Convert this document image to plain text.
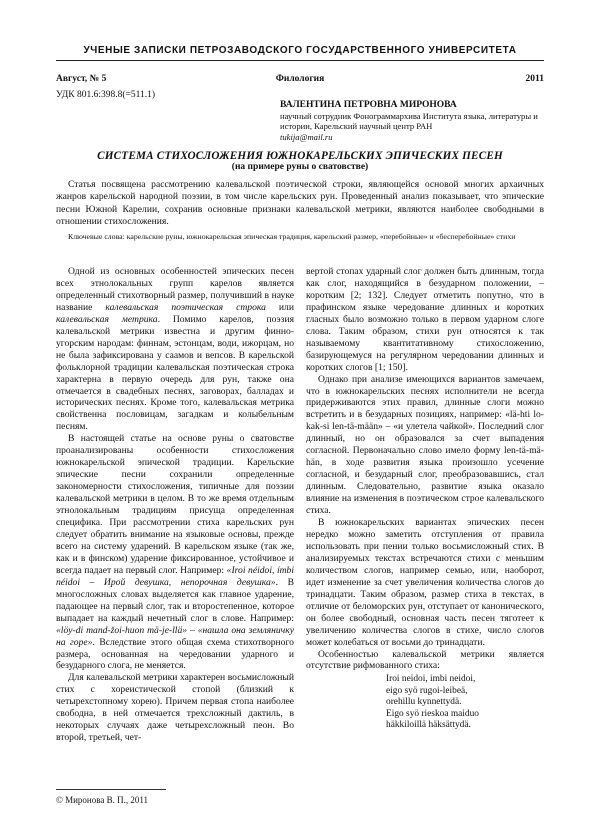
УЧЕНЫЕ ЗАПИСКИ ПЕТРОЗАВОДСКОГО ГОСУДАРСТВЕННОГО УНИВЕРСИТЕТА
Филология
Август, № 5	2011
УДК 801.6:398.8(=511.1)
ВАЛЕНТИНА ПЕТРОВНА МИРОНОВА
научный сотрудник Фонограммархива Института языка, литературы и истории, Карельский научный центр РАН
tukija@mail.ru
СИСТЕМА СТИХОСЛОЖЕНИЯ ЮЖНОКАРЕЛЬСКИХ ЭПИЧЕСКИХ ПЕСЕН
(на примере руны о сватовстве)

Статья посвящена рассмотрению калевальской поэтической строки, являющейся основой многих архаичных жанров карельской народной поэзии, в том числе карельских рун. Проведенный анализ показывает, что эпические песни Южной Карелии, сохранив основные признаки калевальской метрики, являются наиболее свободными в отношении стихосложения.

Ключевые слова: карельские руны, южнокарельская эпическая традиция, карельский размер, «перебойные» и «бесперебойные» стихи

Одной из основных особенностей эпических песен всех этнолокальных групп карелов является определенный стихотворный размер, получивший в науке название калевальская поэтическая строка или калевальская метрика. Помимо карелов, поэзия калевальской метрики известна и другим финно-угорским народам: финнам, эстонцам, води, ижорцам, но не была зафиксирована у саамов и вепсов. В карельской фольклорной традиции калевальская поэтическая строка характерна в первую очередь для рун, также она отмечается в свадебных песнях, заговорах, балладах и исторических песнях. Кроме того, калевальская метрика свойственна пословицам, загадкам и колыбельным песням.

В настоящей статье на основе руны о сватовстве проанализированы особенности стихосложения южнокарельской эпической традиции. Карельские эпические песни сохранили определенные закономерности стихосложения, типичные для поэзии калевальской метрики в целом. В то же время отдельным этнолокальным традициям присуща определенная специфика. При рассмотрении стиха карельских рун следует обратить внимание на языковые основы, прежде всего на систему ударений. В карельском языке (так же, как и в финском) ударение фиксированное, устойчивое и всегда падает на первый слог. Например: «Iroi néidoi, ímbi néidoi – Ирой девушка, непорочная девушка». В многосложных словах выделяется как главное ударение, падающее на первый слог, так и второстепенное, которое выпадает на каждый нечетный слог в слове. Например: «löy-di mand-žoi-huon mä-je-llä» – «нашла она земляничку на горе». Вследствие этого общая схема стихотворного размера, основанная на чередовании ударного и безударного слога, не меняется.

Для калевальской метрики характерен восьмисложный стих с хореистической стопой (близкий к четырехстопному хорею). Причем первая стопа наиболее свободна, в ней отмечается трехсложный дактиль, в некоторых случаях даже четырехсложный пеон. Во второй, третьей, чет-

вертой стопах ударный слог должен быть длинным, тогда как слог, находящийся в безударном положении, – коротким [2; 132]. Следует отметить попутно, что в прафинском языке чередование длинных и коротких гласных было возможно только в первом ударном слоге слова. Таким образом, стихи рун относятся к так называемому квантитативному стихосложению, базирующемуся на регулярном чередовании длинных и коротких слогов [1; 150].

Однако при анализе имеющихся вариантов замечаем, что в южнокарельских песнях исполнители не всегда придерживаются этих правил, длинные слоги можно встретить и в безударных позициях, например: «lä-hti lo-kak-si len-tä-mään» – «и улетела чайкой». Последний слог длинный, но он образовался за счет выпадения согласной. Первоначально слово имело форму len-tä-mä-hän, в ходе развития языка произошло усечение согласной, и безударный слог, преобразовавшись, стал длинным. Следовательно, развитие языка оказало влияние на изменения в поэтическом строе калевальского стиха.

В южнокарельских вариантах эпических песен нередко можно заметить отступления от правила использовать при пении только восьмисложный стих. В анализируемых текстах встречаются стихи с меньшим количеством слогов, например семью, или, наоборот, идет изменение за счет увеличения количества слогов до тринадцати. Таким образом, размер стиха в текстах, в отличие от беломорских рун, отступает от канонического, он более свободный, основная часть песен тяготеет к увеличению количества слогов в стихе, число слогов может колебаться от восьми до тринадцати.

Особенностью калевальской метрики является отсутствие рифмованного стиха:

Iroi neidoi, imbi neidoi,
eigo syö rugoi-leibeä,
orehillu kynnettydä.
Eigo syö rieskoa maiduo
häkkiloillä häksättydä.
© Миронова В. П., 2011
